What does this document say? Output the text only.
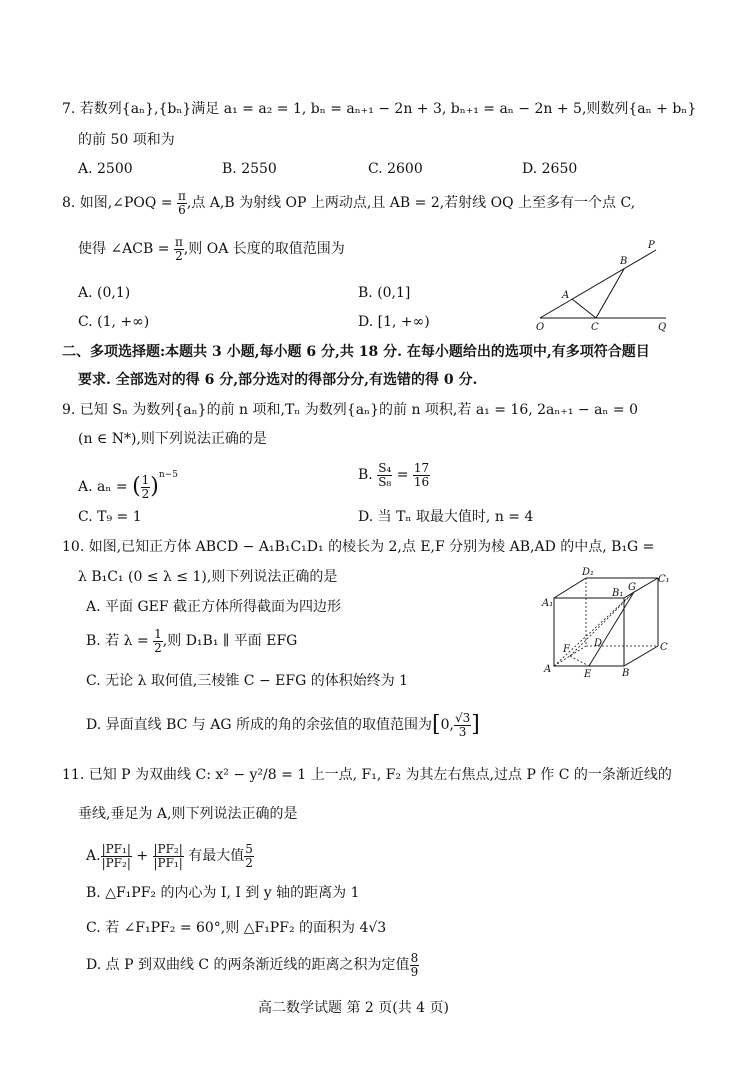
7. 若数列{aₙ},{bₙ}满足 a₁ = a₂ = 1, bₙ = aₙ₊₁ − 2n + 3, bₙ₊₁ = aₙ − 2n + 5,则数列{aₙ + bₙ}
的前 50 项和为
A. 2500	B. 2550	C. 2600	D. 2650
8. 如图,∠POQ = $\frac{\pi}{6}$ ,点 A,B 为射线 OP 上两动点,且 AB = 2,若射线 OQ 上至多有一个点 C,
使得 ∠ACB = $\frac{\pi}{2}$ ,则 OA 长度的取值范围为
A. (0,1)	B. (0,1]
C. (1, +∞)	D. [1, +∞)
P
B
A
O	C	Q
二、多项选择题:本题共 3 小题,每小题 6 分,共 18 分. 在每小题给出的选项中,有多项符合题目
要求. 全部选对的得 6 分,部分选对的得部分分,有选错的得 0 分.
9. 已知 Sₙ 为数列{aₙ}的前 n 项和,Tₙ 为数列{aₙ}的前 n 项积,若 a₁ = 16, 2aₙ₊₁ − aₙ = 0
(n ∈ N*),则下列说法正确的是
A. aₙ = ( $\frac{1}{2} )^{n-5}$	B. $\frac{\text{S₄}}{\text{S₈}} = \frac{17}{16}$
C. T₉ = 1	D. 当 Tₙ 取最大值时, n = 4
10. 如图,已知正方体 ABCD − A₁B₁C₁D₁ 的棱长为 2,点 E,F 分别为棱 AB,AD 的中点, B₁G =
λ B₁C₁ (0 ≤ λ ≤ 1),则下列说法正确的是
A. 平面 GEF 截正方体所得截面为四边形
B. 若 $\lambda = \frac{1}{2}$ ,则 D₁B₁ ∥ 平面 EFG
C. 无论 λ 取何值,三棱锥 C − EFG 的体积始终为 1
D. 异面直线 BC 与 AG 所成的角的余弦值的取值范围为[0, $\frac{√3}{3}$ ]
D₁
C₁
A₁
B₁
G
D	C
A	E	B
F
11. 已知 P 为双曲线 C: x² − y²/8 = 1 上一点, F₁, F₂ 为其左右焦点,过点 P 作 C 的一条渐近线的
垂线,垂足为 A,则下列说法正确的是
A. $\frac{\text{|PF₁|}}{\text{|PF₂|}} + \frac{\text{|PF₂|}}{\text{|PF₁|}}$ 有最大值 $\frac{5}{2}$
B. △F₁PF₂ 的内心为 I, I 到 y 轴的距离为 1
C. 若 ∠F₁PF₂ = 60°,则 △F₁PF₂ 的面积为 4√3
D. 点 P 到双曲线 C 的两条渐近线的距离之积为定值 $\frac{8}{9}$
高二数学试题 第 2 页(共 4 页)
